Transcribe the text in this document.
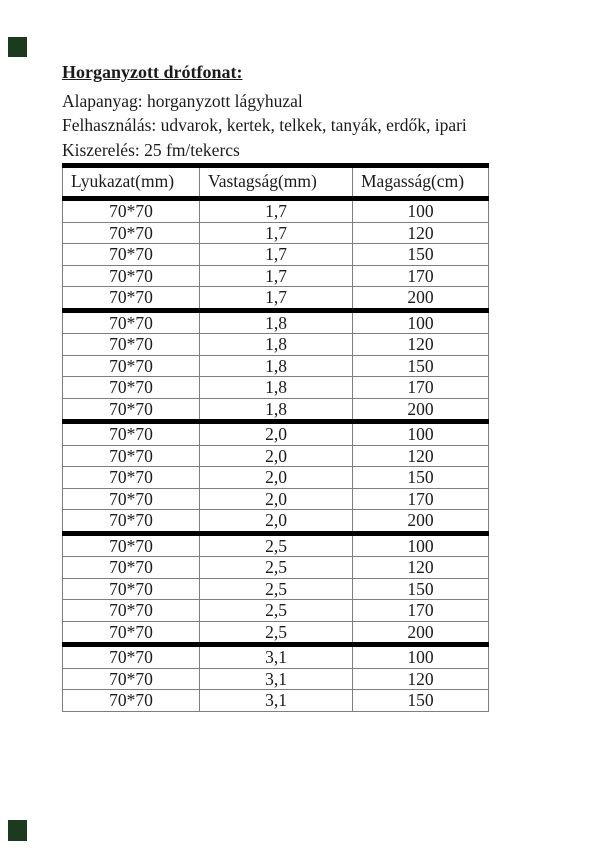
Horganyzott drótfonat:
Alapanyag: horganyzott lágyhuzal
Felhasználás: udvarok, kertek, telkek, tanyák, erdők, ipari
Kiszerelés: 25 fm/tekercs
Lyukazat(mm)	Vastagság(mm)	Magasság(cm)
70*70	1,7	100
70*70	1,7	120
70*70	1,7	150
70*70	1,7	170
70*70	1,7	200
70*70	1,8	100
70*70	1,8	120
70*70	1,8	150
70*70	1,8	170
70*70	1,8	200
70*70	2,0	100
70*70	2,0	120
70*70	2,0	150
70*70	2,0	170
70*70	2,0	200
70*70	2,5	100
70*70	2,5	120
70*70	2,5	150
70*70	2,5	170
70*70	2,5	200
70*70	3,1	100
70*70	3,1	120
70*70	3,1	150
